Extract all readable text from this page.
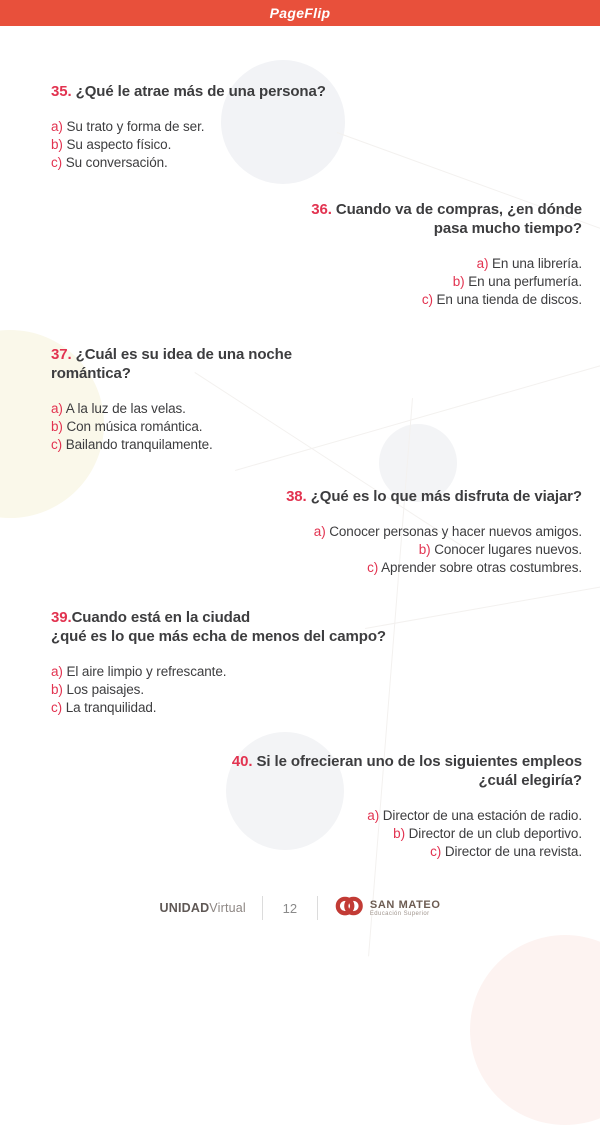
PageFlip
35. ¿Qué le atrae más de una persona?
a) Su trato y forma de ser.
b) Su aspecto físico.
c) Su conversación.
36. Cuando va de compras, ¿en dónde
pasa mucho tiempo?
a) En una librería.
b) En una perfumería.
c) En una tienda de discos.
37. ¿Cuál es su idea de una noche
romántica?
a) A la luz de las velas.
b) Con música romántica.
c) Bailando tranquilamente.
38. ¿Qué es lo que más disfruta de viajar?
a) Conocer personas y hacer nuevos amigos.
b) Conocer lugares nuevos.
c) Aprender sobre otras costumbres.
39.Cuando está en la ciudad
¿qué es lo que más echa de menos del campo?
a) El aire limpio y refrescante.
b) Los paisajes.
c) La tranquilidad.
40. Si le ofrecieran uno de los siguientes empleos
¿cuál elegiría?
a) Director de una estación de radio.
b) Director de un club deportivo.
c) Director de una revista.
UNIDADVirtual	12	SAN MATEO
Educación Superior
